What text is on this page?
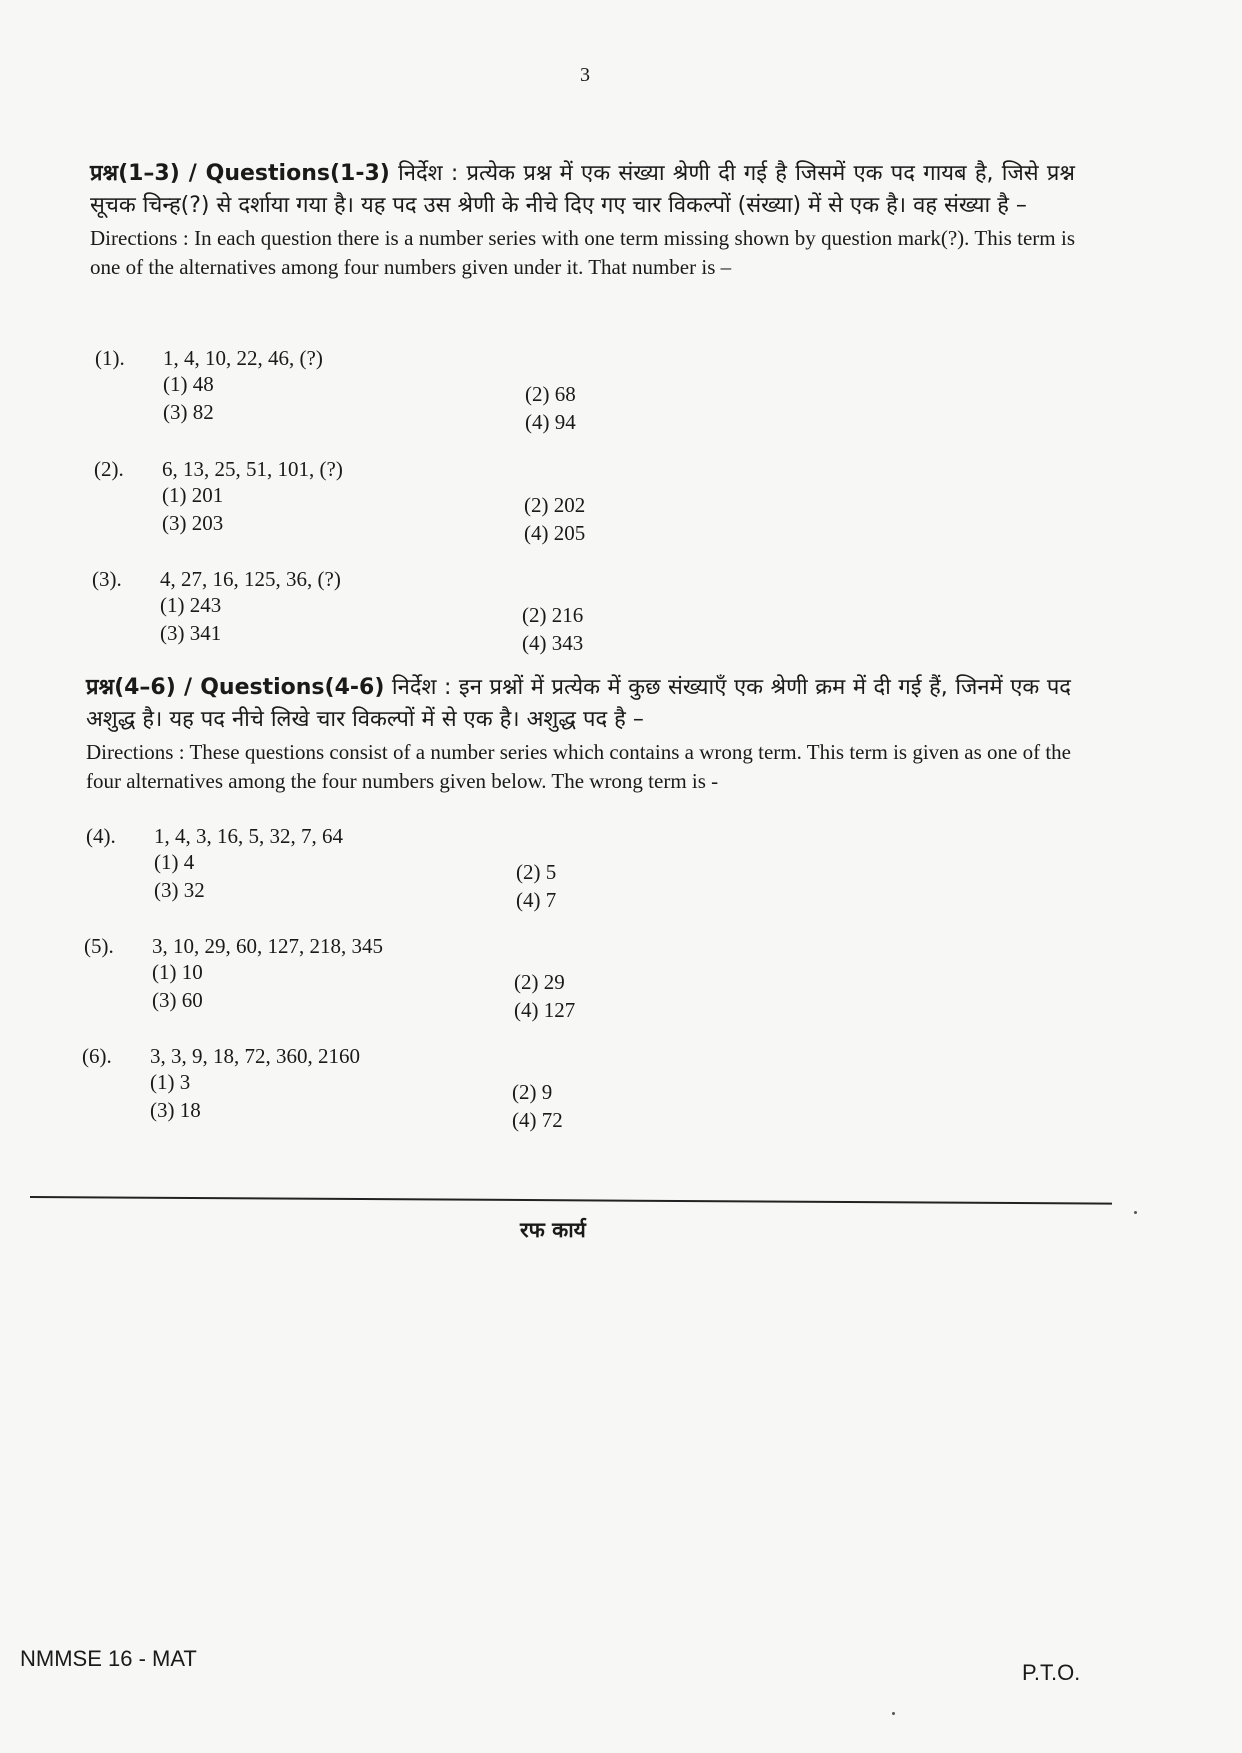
3
प्रश्न(1–3) / Questions(1-3) निर्देश : प्रत्येक प्रश्न में एक संख्या श्रेणी दी गई है जिसमें एक पद गायब है, जिसे प्रश्न सूचक चिन्ह(?) से दर्शाया गया है। यह पद उस श्रेणी के नीचे दिए गए चार विकल्पों (संख्या) में से एक है। वह संख्या है –
Directions : In each question there is a number series with one term missing shown by question mark(?). This term is one of the alternatives among four numbers given under it. That number is –
(1). 1, 4, 10, 22, 46, (?)
(1) 48	(2) 68
(3) 82	(4) 94
(2). 6, 13, 25, 51, 101, (?)
(1) 201	(2) 202
(3) 203	(4) 205
(3). 4, 27, 16, 125, 36, (?)
(1) 243	(2) 216
(3) 341	(4) 343
प्रश्न(4–6) / Questions(4-6) निर्देश : इन प्रश्नों में प्रत्येक में कुछ संख्याएँ एक श्रेणी क्रम में दी गई हैं, जिनमें एक पद अशुद्ध है। यह पद नीचे लिखे चार विकल्पों में से एक है। अशुद्ध पद है –
Directions : These questions consist of a number series which contains a wrong term. This term is given as one of the four alternatives among the four numbers given below. The wrong term is -
(4). 1, 4, 3, 16, 5, 32, 7, 64
(1) 4	(2) 5
(3) 32	(4) 7
(5). 3, 10, 29, 60, 127, 218, 345
(1) 10	(2) 29
(3) 60	(4) 127
(6). 3, 3, 9, 18, 72, 360, 2160
(1) 3	(2) 9
(3) 18	(4) 72
रफ कार्य
NMMSE 16 - MAT
P.T.O.
